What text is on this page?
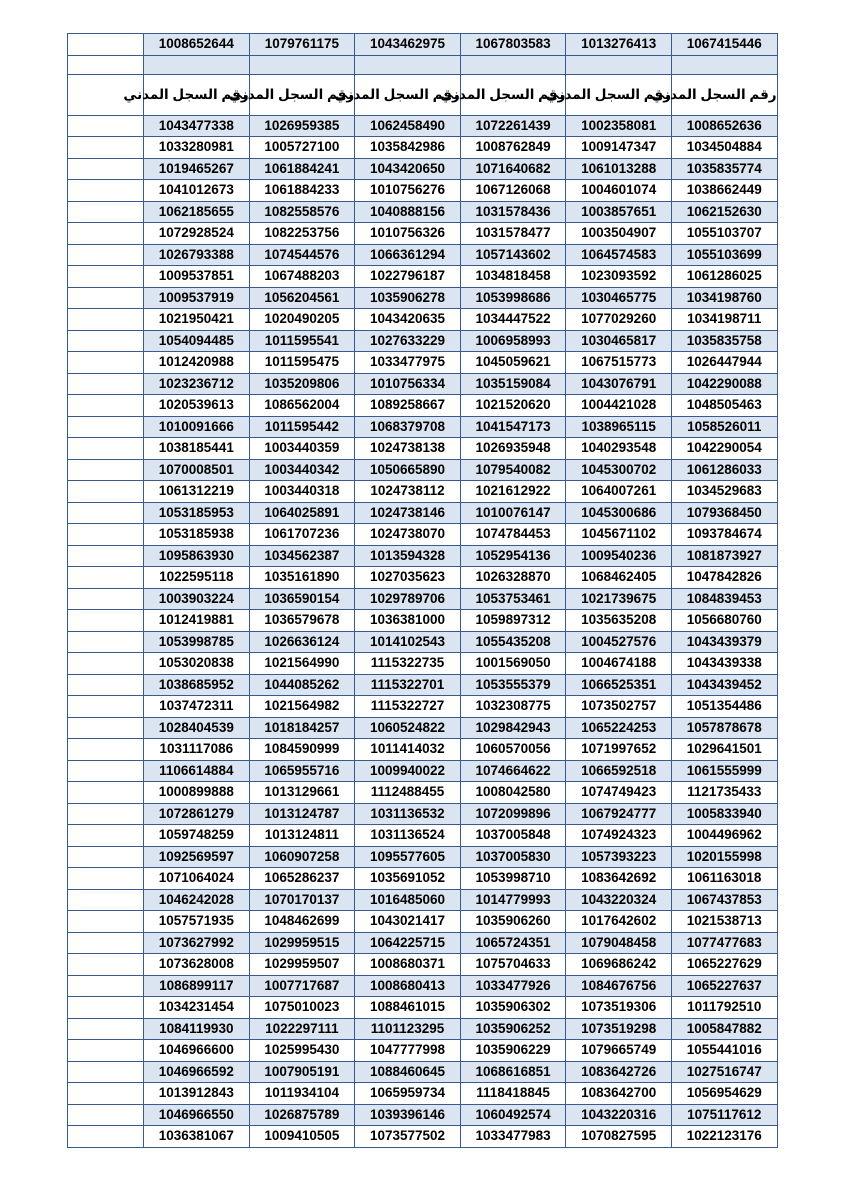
	1008652644	1079761175	1043462975	1067803583	1013276413	1067415446

	رقم السجل المدني	رقم السجل المدني	رقم السجل المدني	رقم السجل المدني	رقم السجل المدني	رقم السجل المدني
	1043477338	1026959385	1062458490	1072261439	1002358081	1008652636
	1033280981	1005727100	1035842986	1008762849	1009147347	1034504884
	1019465267	1061884241	1043420650	1071640682	1061013288	1035835774
	1041012673	1061884233	1010756276	1067126068	1004601074	1038662449
	1062185655	1082558576	1040888156	1031578436	1003857651	1062152630
	1072928524	1082253756	1010756326	1031578477	1003504907	1055103707
	1026793388	1074544576	1066361294	1057143602	1064574583	1055103699
	1009537851	1067488203	1022796187	1034818458	1023093592	1061286025
	1009537919	1056204561	1035906278	1053998686	1030465775	1034198760
	1021950421	1020490205	1043420635	1034447522	1077029260	1034198711
	1054094485	1011595541	1027633229	1006958993	1030465817	1035835758
	1012420988	1011595475	1033477975	1045059621	1067515773	1026447944
	1023236712	1035209806	1010756334	1035159084	1043076791	1042290088
	1020539613	1086562004	1089258667	1021520620	1004421028	1048505463
	1010091666	1011595442	1068379708	1041547173	1038965115	1058526011
	1038185441	1003440359	1024738138	1026935948	1040293548	1042290054
	1070008501	1003440342	1050665890	1079540082	1045300702	1061286033
	1061312219	1003440318	1024738112	1021612922	1064007261	1034529683
	1053185953	1064025891	1024738146	1010076147	1045300686	1079368450
	1053185938	1061707236	1024738070	1074784453	1045671102	1093784674
	1095863930	1034562387	1013594328	1052954136	1009540236	1081873927
	1022595118	1035161890	1027035623	1026328870	1068462405	1047842826
	1003903224	1036590154	1029789706	1053753461	1021739675	1084839453
	1012419881	1036579678	1036381000	1059897312	1035635208	1056680760
	1053998785	1026636124	1014102543	1055435208	1004527576	1043439379
	1053020838	1021564990	1115322735	1001569050	1004674188	1043439338
	1038685952	1044085262	1115322701	1053555379	1066525351	1043439452
	1037472311	1021564982	1115322727	1032308775	1073502757	1051354486
	1028404539	1018184257	1060524822	1029842943	1065224253	1057878678
	1031117086	1084590999	1011414032	1060570056	1071997652	1029641501
	1106614884	1065955716	1009940022	1074664622	1066592518	1061555999
	1000899888	1013129661	1112488455	1008042580	1074749423	1121735433
	1072861279	1013124787	1031136532	1072099896	1067924777	1005833940
	1059748259	1013124811	1031136524	1037005848	1074924323	1004496962
	1092569597	1060907258	1095577605	1037005830	1057393223	1020155998
	1071064024	1065286237	1035691052	1053998710	1083642692	1061163018
	1046242028	1070170137	1016485060	1014779993	1043220324	1067437853
	1057571935	1048462699	1043021417	1035906260	1017642602	1021538713
	1073627992	1029959515	1064225715	1065724351	1079048458	1077477683
	1073628008	1029959507	1008680371	1075704633	1069686242	1065227629
	1086899117	1007717687	1008680413	1033477926	1084676756	1065227637
	1034231454	1075010023	1088461015	1035906302	1073519306	1011792510
	1084119930	1022297111	1101123295	1035906252	1073519298	1005847882
	1046966600	1025995430	1047777998	1035906229	1079665749	1055441016
	1046966592	1007905191	1088460645	1068616851	1083642726	1027516747
	1013912843	1011934104	1065959734	1118418845	1083642700	1056954629
	1046966550	1026875789	1039396146	1060492574	1043220316	1075117612
	1036381067	1009410505	1073577502	1033477983	1070827595	1022123176
